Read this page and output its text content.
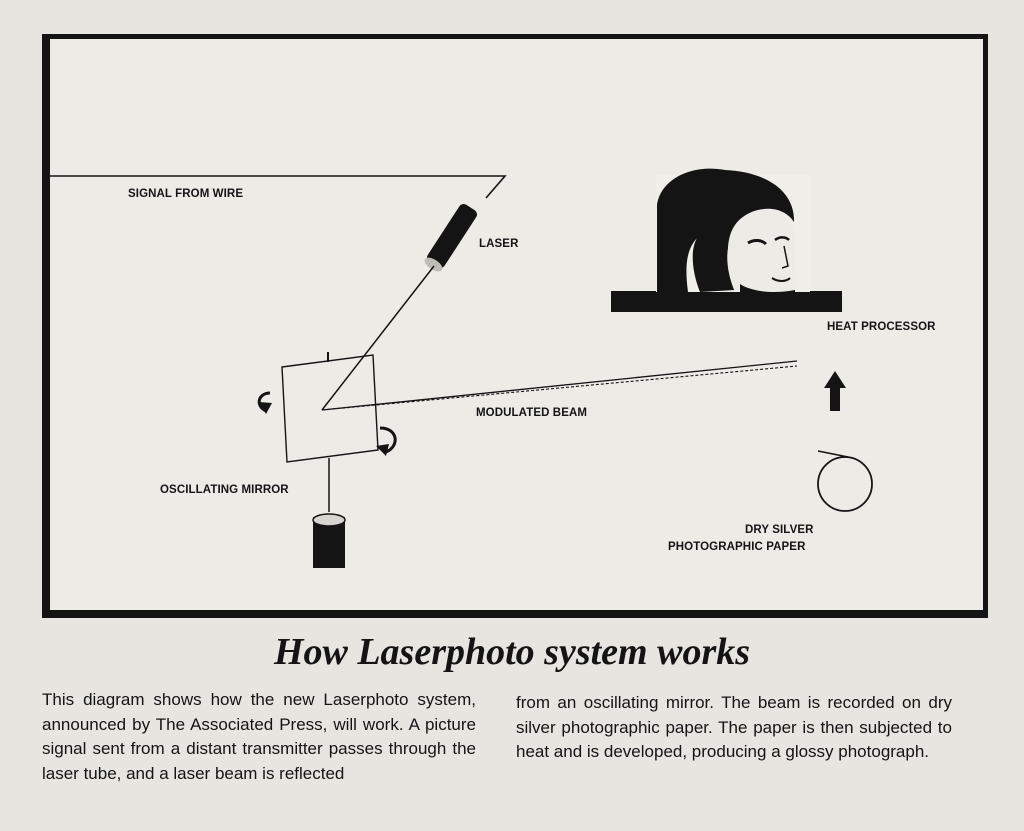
SIGNAL FROM WIRE
LASER
HEAT PROCESSOR
MODULATED BEAM
OSCILLATING MIRROR
DRY SILVER
PHOTOGRAPHIC PAPER
How Laserphoto system works

This diagram shows how the new Laserphoto system, announced by The Associated Press, will work. A picture signal sent from a distant transmitter passes through the laser tube, and a laser beam is reflected

from an oscillating mirror. The beam is recorded on dry silver photographic paper. The paper is then subjected to heat and is developed, producing a glossy photograph.
